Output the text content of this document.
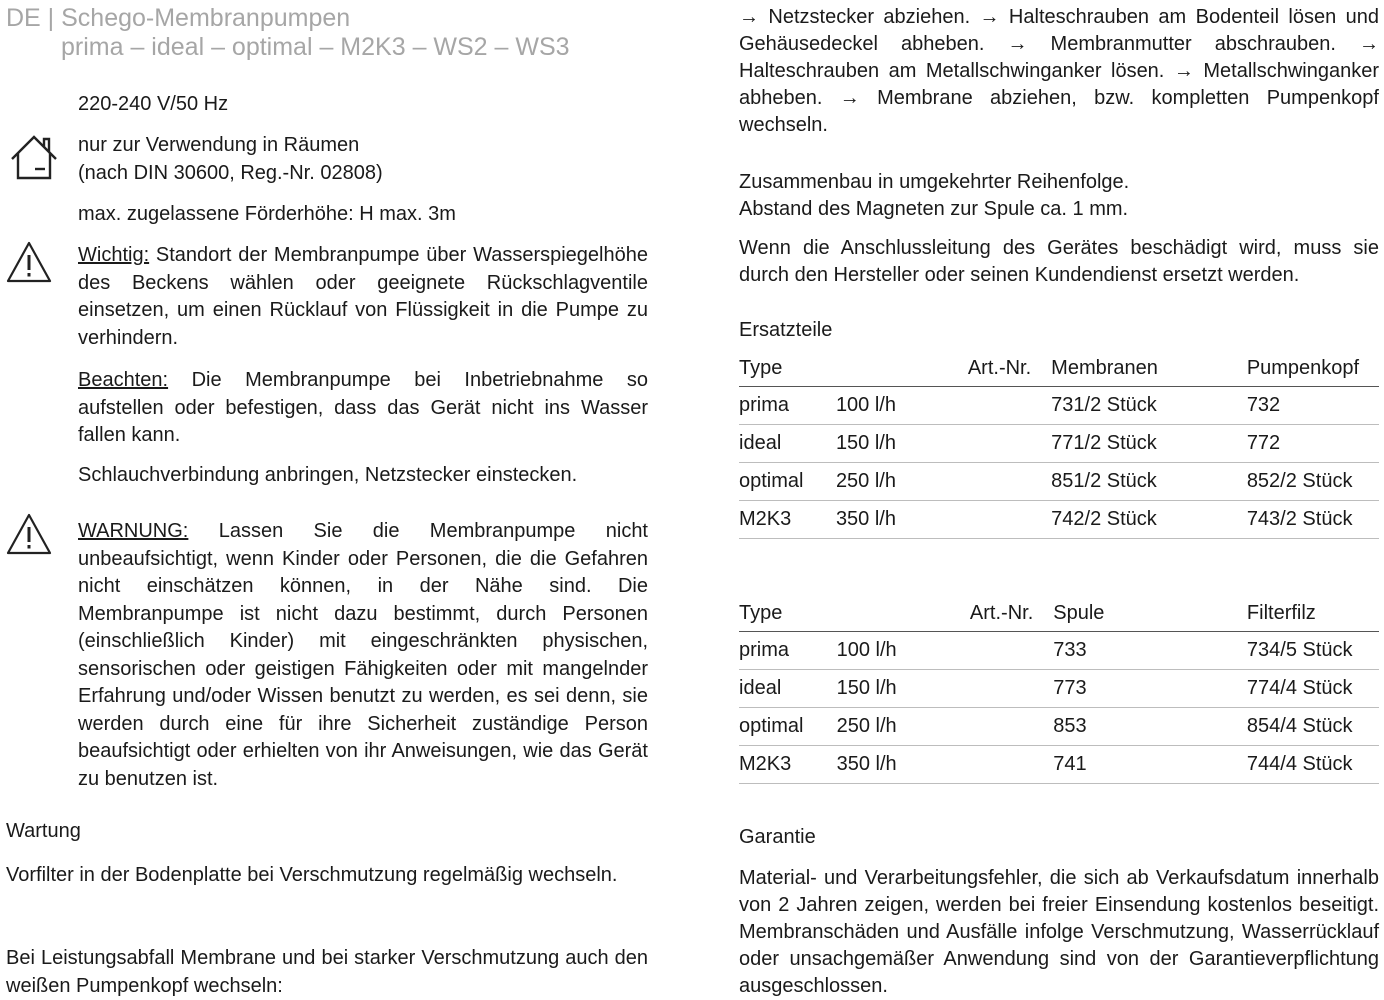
DE | Schego-Membranpumpen
prima – ideal – optimal – M2K3 – WS2 – WS3
220-240 V/50 Hz
nur zur Verwendung in Räumen
(nach DIN 30600, Reg.-Nr. 02808)
max. zugelassene Förderhöhe: H max. 3m
Wichtig: Standort der Membranpumpe über Wasserspiegelhöhe des Beckens wählen oder geeignete Rückschlagventile einsetzen, um einen Rücklauf von Flüssigkeit in die Pumpe zu verhindern.
Beachten: Die Membranpumpe bei Inbetriebnahme so aufstellen oder befestigen, dass das Gerät nicht ins Wasser fallen kann.
Schlauchverbindung anbringen, Netzstecker einstecken.
WARNUNG: Lassen Sie die Membranpumpe nicht unbeaufsichtigt, wenn Kinder oder Personen, die die Gefahren nicht einschätzen können, in der Nähe sind. Die Membranpumpe ist nicht dazu bestimmt, durch Personen (einschließlich Kinder) mit eingeschränkten physischen, sensorischen oder geistigen Fähigkeiten oder mit mangelnder Erfahrung und/oder Wissen benutzt zu werden, es sei denn, sie werden durch eine für ihre Sicherheit zuständige Person beaufsichtigt oder erhielten von ihr Anweisungen, wie das Gerät zu benutzen ist.
Wartung
Vorfilter in der Bodenplatte bei Verschmutzung regelmäßig wechseln.
Bei Leistungsabfall Membrane und bei starker Verschmutzung auch den weißen Pumpenkopf wechseln:
→ Netzstecker abziehen. → Halteschrauben am Bodenteil lösen und Gehäusedeckel abheben. → Membranmutter abschrauben. → Halteschrauben am Metallschwinganker lösen. → Metallschwinganker abheben. → Membrane abziehen, bzw. kompletten Pumpenkopf wechseln.
Zusammenbau in umgekehrter Reihenfolge.
Abstand des Magneten zur Spule ca. 1 mm.
Wenn die Anschlussleitung des Gerätes beschädigt wird, muss sie durch den Hersteller oder seinen Kundendienst ersetzt werden.
Ersatzteile
Type		Art.-Nr.	Membranen	Pumpenkopf
prima	100 l/h		731/2 Stück	732
ideal	150 l/h		771/2 Stück	772
optimal	250 l/h		851/2 Stück	852/2 Stück
M2K3	350 l/h		742/2 Stück	743/2 Stück
Type		Art.-Nr.	Spule	Filterfilz
prima	100 l/h		733	734/5 Stück
ideal	150 l/h		773	774/4 Stück
optimal	250 l/h		853	854/4 Stück
M2K3	350 l/h		741	744/4 Stück
Garantie
Material- und Verarbeitungsfehler, die sich ab Verkaufsdatum innerhalb von 2 Jahren zeigen, werden bei freier Einsendung kostenlos beseitigt. Membranschäden und Ausfälle infolge Verschmutzung, Wasserrücklauf oder unsachgemäßer Anwendung sind von der Garantieverpflichtung ausgeschlossen.
